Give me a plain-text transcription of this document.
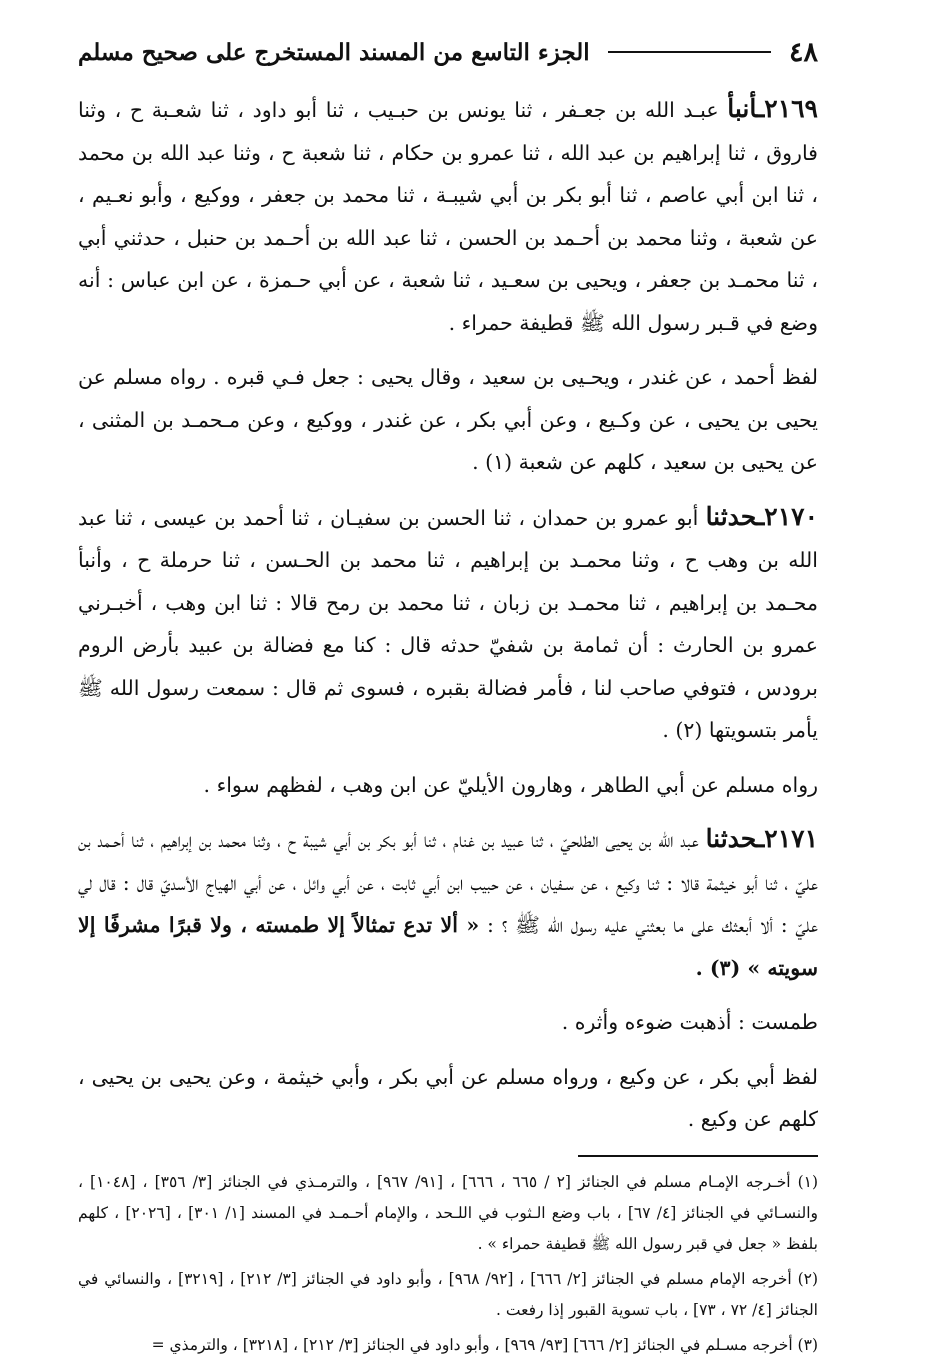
٤٨
الجزء التاسع من المسند المستخرج على صحيح مسلم

٢١٦٩ـأنبأ عبـد الله بن جعـفر ، ثنا يونس بن حبـيب ، ثنا أبو داود ، ثنا شعـبة ح ، وثنا فاروق ، ثنا إبراهيم بن عبد الله ، ثنا عمرو بن حكام ، ثنا شعبة ح ، وثنا عبد الله بن محمد ، ثنا ابن أبي عاصم ، ثنا أبو بكر بن أبي شيبـة ، ثنا محمد بن جعفر ، ووكيع ، وأبو نعـيم ، عن شعبة ، وثنا محمد بن أحـمد بن الحسن ، ثنا عبد الله بن أحـمد بن حنبل ، حدثني أبي ، ثنا محمـد بن جعفر ، ويحيى بن سعـيد ، ثنا شعبة ، عن أبي حـمزة ، عن ابن عباس : أنه وضع في قـبر رسول الله ﷺ قطيفة حمراء .

لفظ أحمد ، عن غندر ، ويحـيى بن سعيد ، وقال يحيى : جعل فـي قبره . رواه مسلم عن يحيى بن يحيى ، عن وكـيع ، وعن أبي بكر ، عن غندر ، ووكيع ، وعن مـحمـد بن المثنى ، عن يحيى بن سعيد ، كلهم عن شعبة (١) .

٢١٧٠ـحدثنا أبو عمرو بن حمدان ، ثنا الحسن بن سفيـان ، ثنا أحمد بن عيسى ، ثنا عبد الله بن وهب ح ، وثنا محمـد بن إبراهيم ، ثنا محمد بن الحـسن ، ثنا حرملة ح ، وأنبأ محـمد بن إبراهيم ، ثنا محمـد بن زبان ، ثنا محمد بن رمح قالا : ثنا ابن وهب ، أخبـرني عمرو بن الحارث : أن ثمامة بن شفيّ حدثه قال : كنا مع فضالة بن عبيد بأرض الروم برودس ، فتوفي صاحب لنا ، فأمر فضالة بقبره ، فسوى ثم قال : سمعت رسول الله ﷺ يأمر بتسويتها (٢) .

رواه مسلم عن أبي الطاهر ، وهارون الأيليّ عن ابن وهب ، لفظهم سواء .

٢١٧١ـحدثنا عبد الله بن يحيى الطلحيّ ، ثنا عبيد بن غنام ، ثنا أبو بكر بن أبي شيبة ح ، وثنا محمد بن إبراهيم ، ثنا أحـمد بن عليّ ، ثنا أبو خيثمة قالا : ثنا وكيع ، عن سـفيان ، عن حبيب ابن أبي ثابت ، عن أبي وائل ، عن أبي الهياج الأسديّ قال : قال لي عليّ : ألا أبعثك على ما بعثني عليه رسول الله ﷺ ؟ : « ألا تدع تمثالاً إلا طمسته ، ولا قبرًا مشرفًا إلا سويته » (٣) .

طمست : أذهبت ضوءه وأثره .

لفظ أبي بكر ، عن وكيع ، ورواه مسلم عن أبي بكر ، وأبي خيثمة ، وعن يحيى بن يحيى ، كلهم عن وكيع .

(١) أخـرجه الإمـام مسلم في الجنائز [٢ / ٦٦٥ ، ٦٦٦] ، [٩١/ ٩٦٧] ، والترمـذي في الجنائز [٣/ ٣٥٦] ، [١٠٤٨] ، والنسـائي في الجنائز [٤/ ٦٧] ، باب وضع الـثوب في اللـحد ، والإمام أحـمـد في المسند [١/ ٣٠١] ، [٢٠٢٦] ، كلهم بلفظ « جعل في قبر رسول الله ﷺ قطيفة حمراء » .

(٢) أخرجه الإمام مسلم في الجنائز [٢/ ٦٦٦] ، [٩٢/ ٩٦٨] ، وأبو داود في الجنائز [٣/ ٢١٢] ، [٣٢١٩] ، والنسائي في الجنائز [٤/ ٧٢ ، ٧٣] ، باب تسوية القبور إذا رفعت .

(٣) أخرجه مسـلم في الجنائز [٢/ ٦٦٦] [٩٣/ ٩٦٩] ، وأبو داود في الجنائز [٣/ ٢١٢] ، [٣٢١٨] ، والترمذي =
